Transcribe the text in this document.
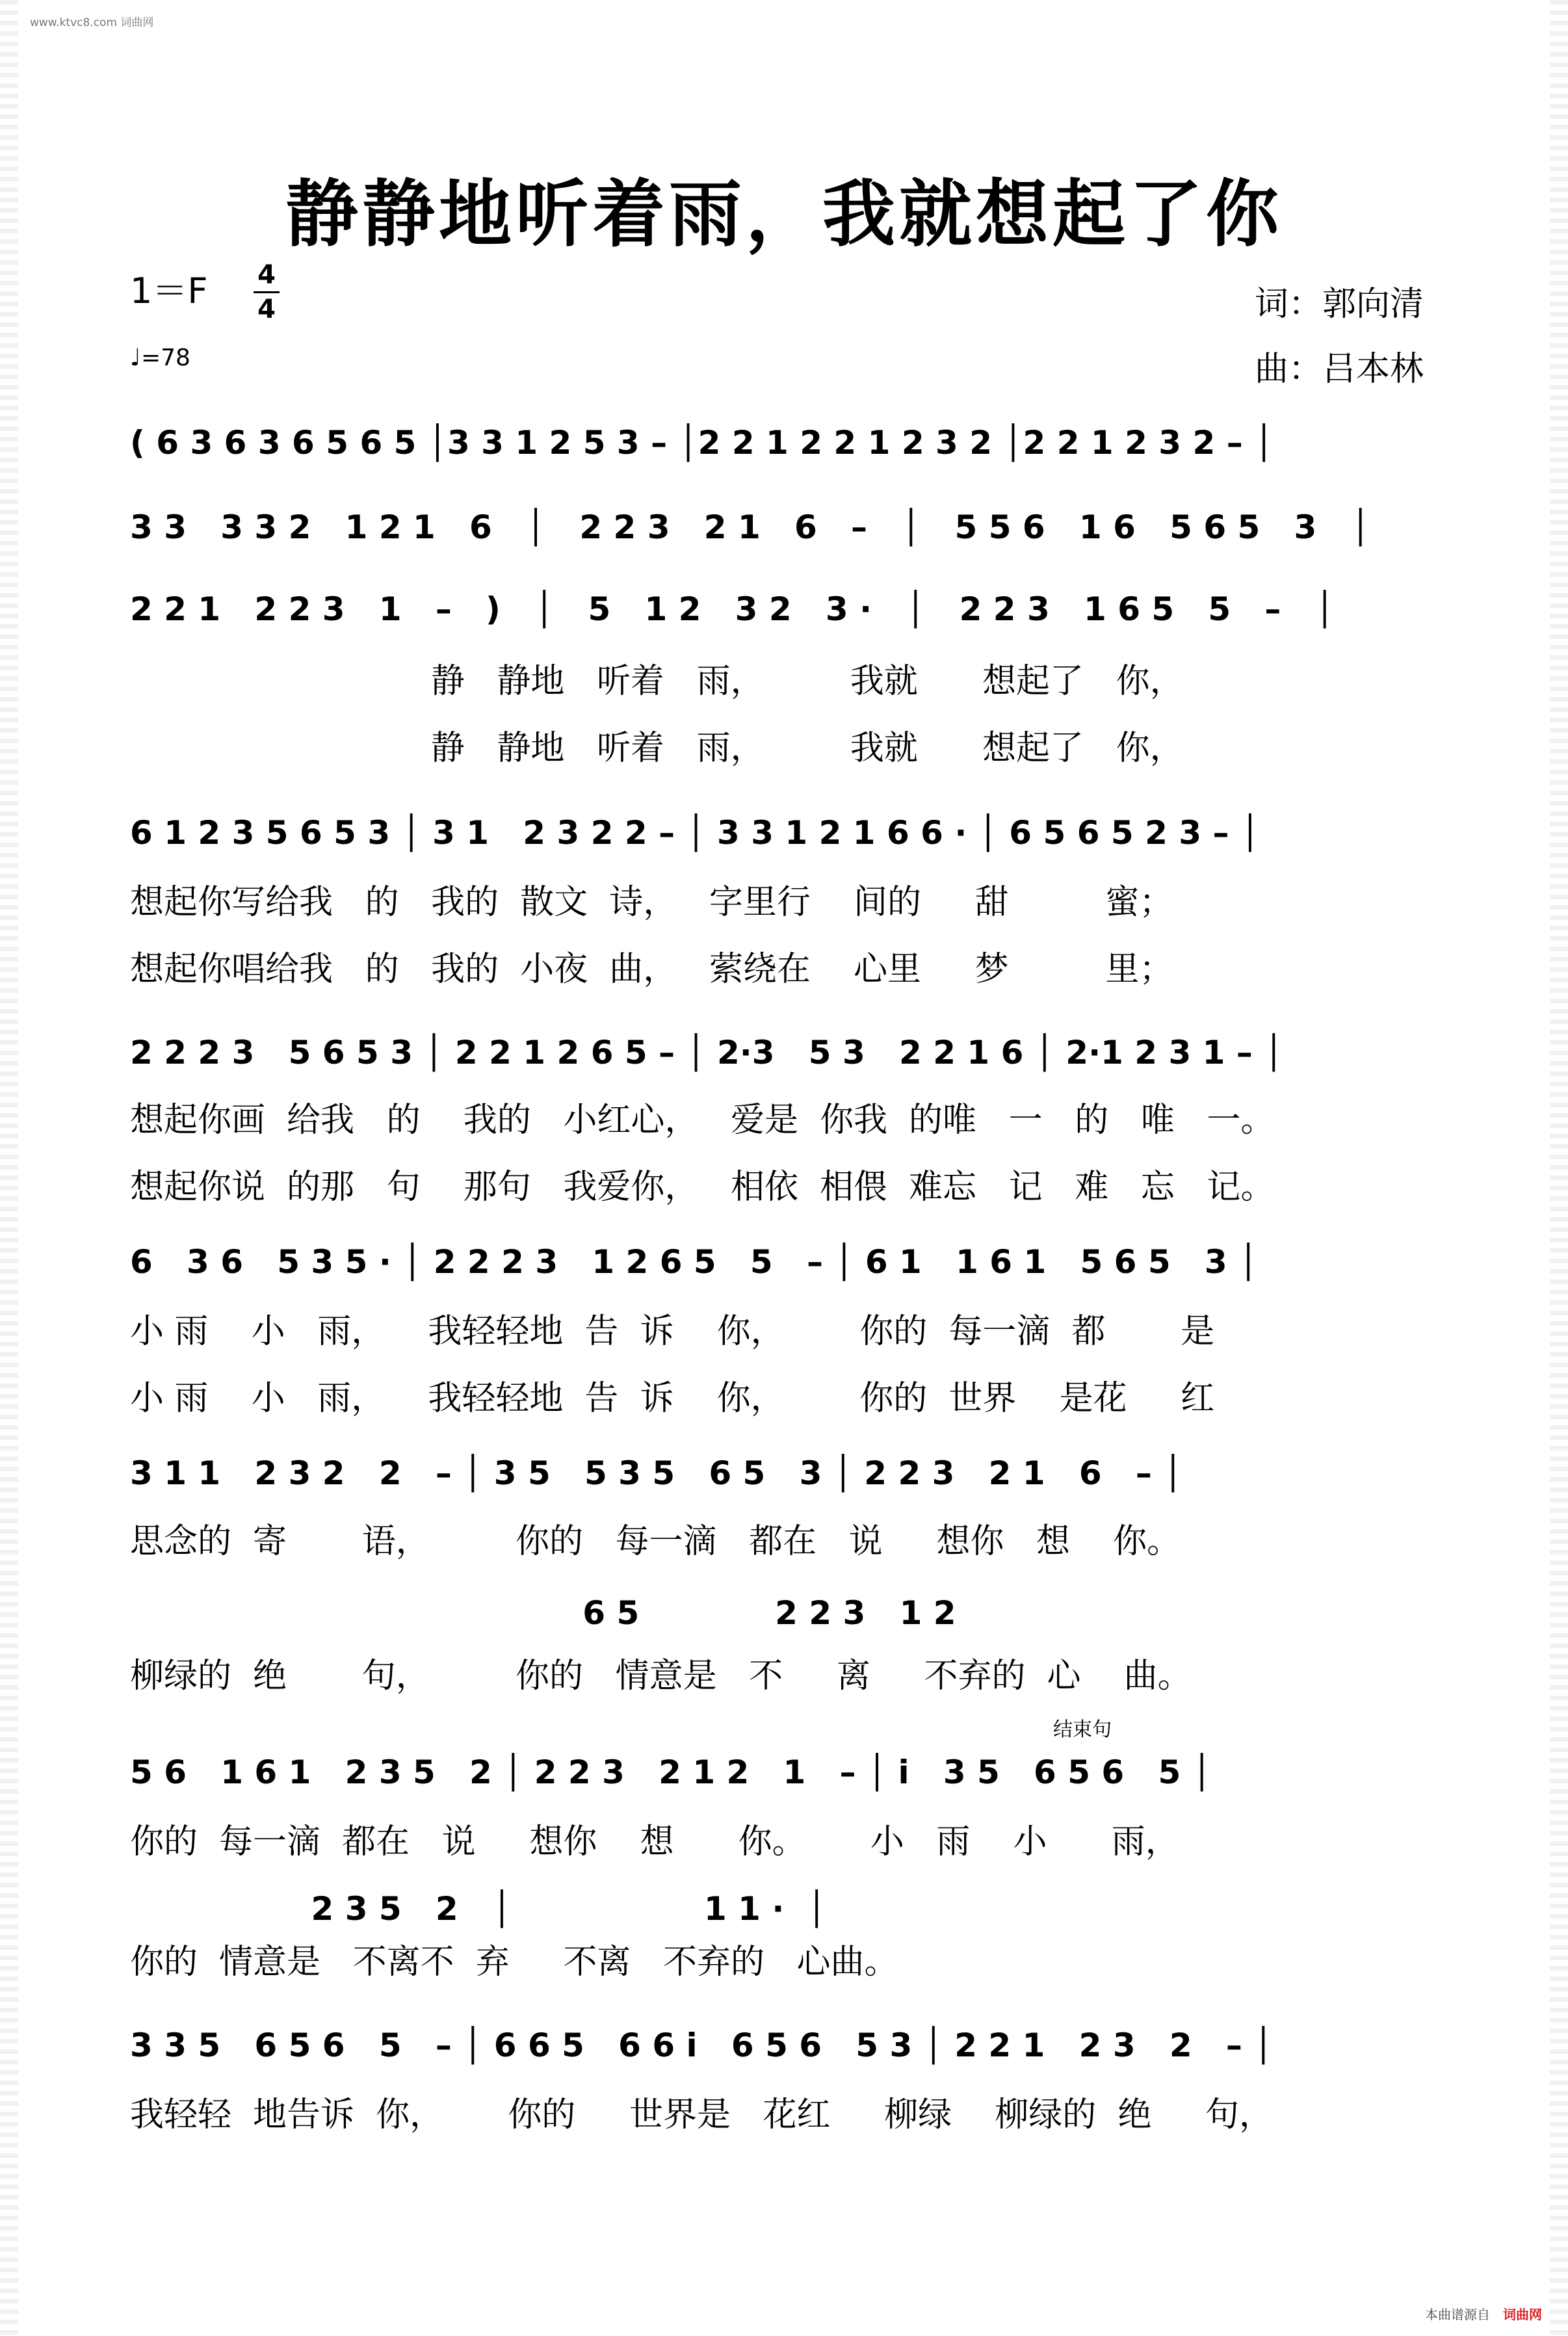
www.ktvc8.com 词曲网
静静地听着雨，我就想起了你
1＝F 4
4
♩=78
词：郭向清
曲：吕本林
( 6 3 6 3 6 5 6 5 │3 3 1 2 5 3 – │2 2 1 2 2 1 2 3 2 │2 2 1 2 3 2 – │
3 3   3 3 2   1 2 1   6   │   2 2 3   2 1   6   –   │   5 5 6   1 6   5 6 5   3   │
2 2 1   2 2 3   1   –   )   │   5   1 2   3 2   3 ·   │   2 2 3   1 6 5   5   –   │
静   静地   听着   雨，        我就      想起了   你，
静   静地   听着   雨，        我就      想起了   你，
6 1 2 3 5 6 5 3 │ 3 1   2 3 2 2 – │ 3 3 1 2 1 6 6 · │ 6 5 6 5 2 3 – │
想起你写给我   的   我的  散文  诗，   字里行    间的     甜         蜜；
想起你唱给我   的   我的  小夜  曲，   萦绕在    心里     梦         里；
2 2 2 3   5 6 5 3 │ 2 2 1 2 6 5 – │ 2·3   5 3   2 2 1 6 │ 2·1 2 3 1 – │
想起你画  给我   的    我的   小红心，   爱是  你我  的唯   一   的   唯   一。
想起你说  的那   句    那句   我爱你，   相依  相偎  难忘   记   难   忘   记。
6   3 6   5 3 5 · │ 2 2 2 3   1 2 6 5   5   – │ 6 1   1 6 1   5 6 5   3 │
小 雨    小   雨，    我轻轻地  告  诉    你，       你的  每一滴  都       是
小 雨    小   雨，    我轻轻地  告  诉    你，       你的  世界    是花     红
3 1 1   2 3 2   2   – │ 3 5   5 3 5   6 5   3 │ 2 2 3   2 1   6   – │
思念的  寄       语，        你的   每一滴   都在   说     想你   想    你。
6 5            2 2 3   1 2
柳绿的  绝       句，        你的   情意是   不     离     不弃的  心    曲。
结束句
5 6   1 6 1   2 3 5   2 │ 2 2 3   2 1 2   1   – │ i   3 5   6 5 6   5 │
你的  每一滴  都在   说     想你    想      你。      小   雨    小      雨，
2 3 5   2   │                 1 1 ·  │
你的  情意是   不离不  弃     不离   不弃的   心曲。
3 3 5   6 5 6   5   – │ 6 6 5   6 6 i   6 5 6   5 3 │ 2 2 1   2 3   2   – │
我轻轻  地告诉  你，      你的     世界是   花红     柳绿    柳绿的  绝     句，
本曲谱源自 词曲网
